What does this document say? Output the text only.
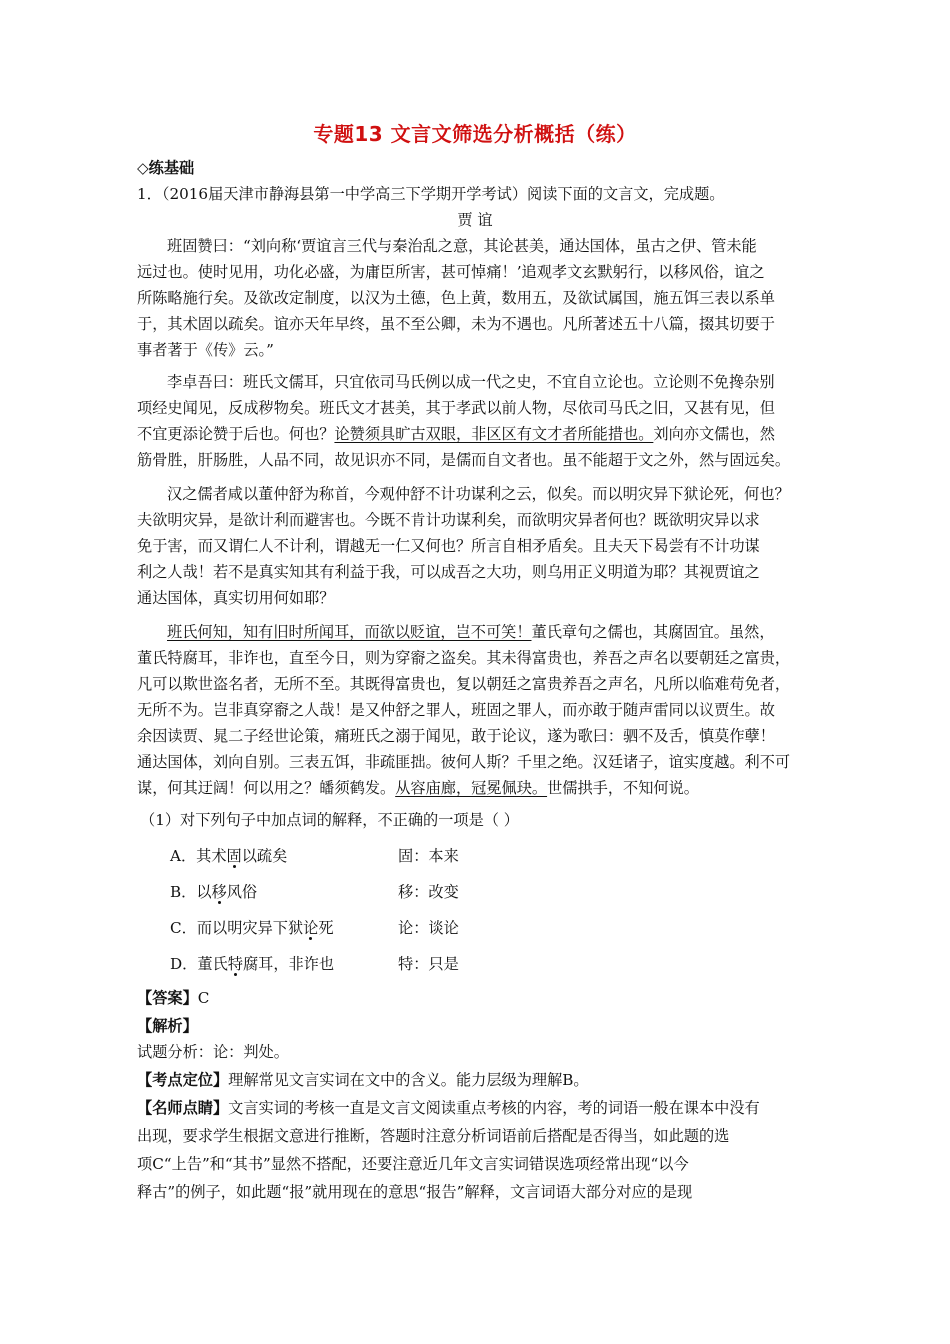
专题13 文言文筛选分析概括（练）
◇练基础
1．（2016届天津市静海县第一中学高三下学期开学考试）阅读下面的文言文，完成题。
贾 谊
班固赞曰：“刘向称‘贾谊言三代与秦治乱之意，其论甚美，通达国体，虽古之伊、管未能
远过也。使时见用，功化必盛，为庸臣所害，甚可悼痛！’追观孝文玄默躬行，以移风俗，谊之
所陈略施行矣。及欲改定制度，以汉为土德，色上黄，数用五，及欲试属国，施五饵三表以系单
于，其术固以疏矣。谊亦天年早终，虽不至公卿，未为不遇也。凡所著述五十八篇，掇其切要于
事者著于《传》云。”
李卓吾曰：班氏文儒耳，只宜依司马氏例以成一代之史，不宜自立论也。立论则不免搀杂别
项经史闻见，反成秽物矣。班氏文才甚美，其于孝武以前人物，尽依司马氏之旧，又甚有见，但
不宜更添论赞于后也。何也？论赞须具旷古双眼，非区区有文才者所能措也。刘向亦文儒也，然
筋骨胜，肝肠胜，人品不同，故见识亦不同，是儒而自文者也。虽不能超于文之外，然与固远矣。
汉之儒者咸以董仲舒为称首，今观仲舒不计功谋利之云，似矣。而以明灾异下狱论死，何也？
夫欲明灾异，是欲计利而避害也。今既不肯计功谋利矣，而欲明灾异者何也？既欲明灾异以求
免于害，而又谓仁人不计利，谓越无一仁又何也？所言自相矛盾矣。且夫天下曷尝有不计功谋
利之人哉！若不是真实知其有利益于我，可以成吾之大功，则乌用正义明道为耶？其视贾谊之
通达国体，真实切用何如耶？
班氏何知，知有旧时所闻耳，而欲以贬谊，岂不可笑！董氏章句之儒也，其腐固宜。虽然，
董氏特腐耳，非诈也，直至今日，则为穿窬之盗矣。其未得富贵也，养吾之声名以要朝廷之富贵，
凡可以欺世盗名者，无所不至。其既得富贵也，复以朝廷之富贵养吾之声名，凡所以临难苟免者，
无所不为。岂非真穿窬之人哉！是又仲舒之罪人，班固之罪人，而亦敢于随声雷同以议贾生。故
余因读贾、晁二子经世论策，痛班氏之溺于闻见，敢于论议，遂为歌曰：驷不及舌，慎莫作孽！
通达国体，刘向自别。三表五饵，非疏匪拙。彼何人斯？千里之绝。汉廷诸子，谊实度越。利不可
谋，何其迂阔！何以用之？皤须鹤发。从容庙廊，冠冕佩玦。世儒拱手，不知何说。
（1）对下列句子中加点词的解释，不正确的一项是（ ）
A．其术固以疏矣	固：本来
B．以移风俗	移：改变
C．而以明灾异下狱论死	论：谈论
D．董氏特腐耳，非诈也	特：只是
【答案】C
【解析】
试题分析：论：判处。
【考点定位】理解常见文言实词在文中的含义。能力层级为理解B。
【名师点睛】文言实词的考核一直是文言文阅读重点考核的内容，考的词语一般在课本中没有
出现，要求学生根据文意进行推断，答题时注意分析词语前后搭配是否得当，如此题的选
项C“上告”和“其书”显然不搭配，还要注意近几年文言实词错误选项经常出现“以今
释古”的例子，如此题“报”就用现在的意思“报告”解释，文言词语大部分对应的是现
